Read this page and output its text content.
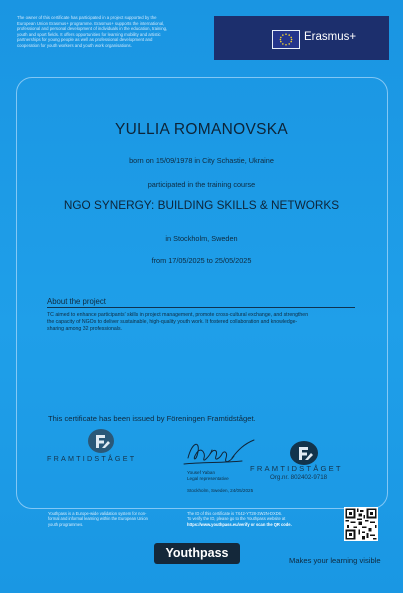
The owner of this certificate has participated in a project supported by the
European Union Erasmus+ programme. Erasmus+ supports the international,
professional and personal development of individuals in the education, training,
youth and sport fields. It offers opportunities for learning mobility and artistic
partnerships for young people as well as professional development and
cooperation for youth workers and youth work organisations.
Erasmus+
YULLIA ROMANOVSKA
born on 15/09/1978 in City Schastie, Ukraine
participated in the training course
NGO SYNERGY: BUILDING SKILLS & NETWORKS
in Stockholm, Sweden
from 17/05/2025 to 25/05/2025
About the project
TC aimed to enhance participants' skills in project management, promote cross-cultural exchange, and strengthen
the capacity of NGOs to deliver sustainable, high-quality youth work. It fostered collaboration and knowledge-
sharing among 32 professionals.
This certificate has been issued by Föreningen Framtidståget.
FRAMTIDSTÅGET
Yousef Yaban
Legal representative
Stockholm, Sweden, 24/05/2025
FRAMTIDSTÅGET
Org.nr. 802402-9718
Youthpass is a Europe-wide validation system for non-
formal and informal learning within the European Union
youth programmes.
The ID of this certificate is 7X42-YT28-3W2N-DXD6.
To verify the ID, please go to the Youthpass website at
https://www.youthpass.eu/verify or scan the QR code.
Youthpass
Makes your learning visible
